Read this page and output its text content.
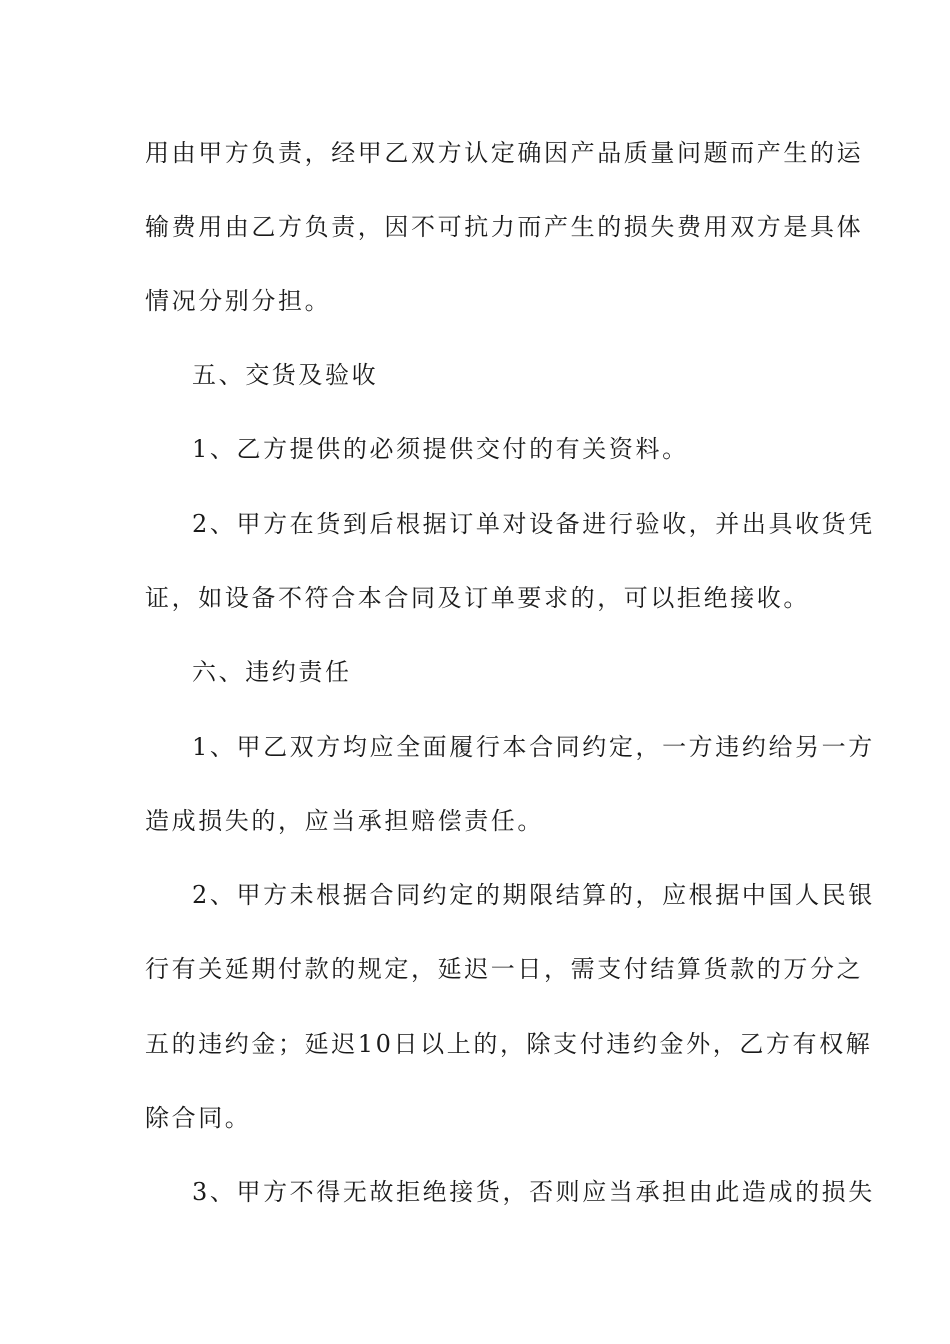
用由甲方负责，经甲乙双方认定确因产品质量问题而产生的运
输费用由乙方负责，因不可抗力而产生的损失费用双方是具体
情况分别分担。
五、交货及验收
1、乙方提供的必须提供交付的有关资料。
2、甲方在货到后根据订单对设备进行验收，并出具收货凭
证，如设备不符合本合同及订单要求的，可以拒绝接收。
六、违约责任
1、甲乙双方均应全面履行本合同约定，一方违约给另一方
造成损失的，应当承担赔偿责任。
2、甲方未根据合同约定的期限结算的，应根据中国人民银
行有关延期付款的规定，延迟一日，需支付结算货款的万分之
五的违约金；延迟10日以上的，除支付违约金外，乙方有权解
除合同。
3、甲方不得无故拒绝接货，否则应当承担由此造成的损失
